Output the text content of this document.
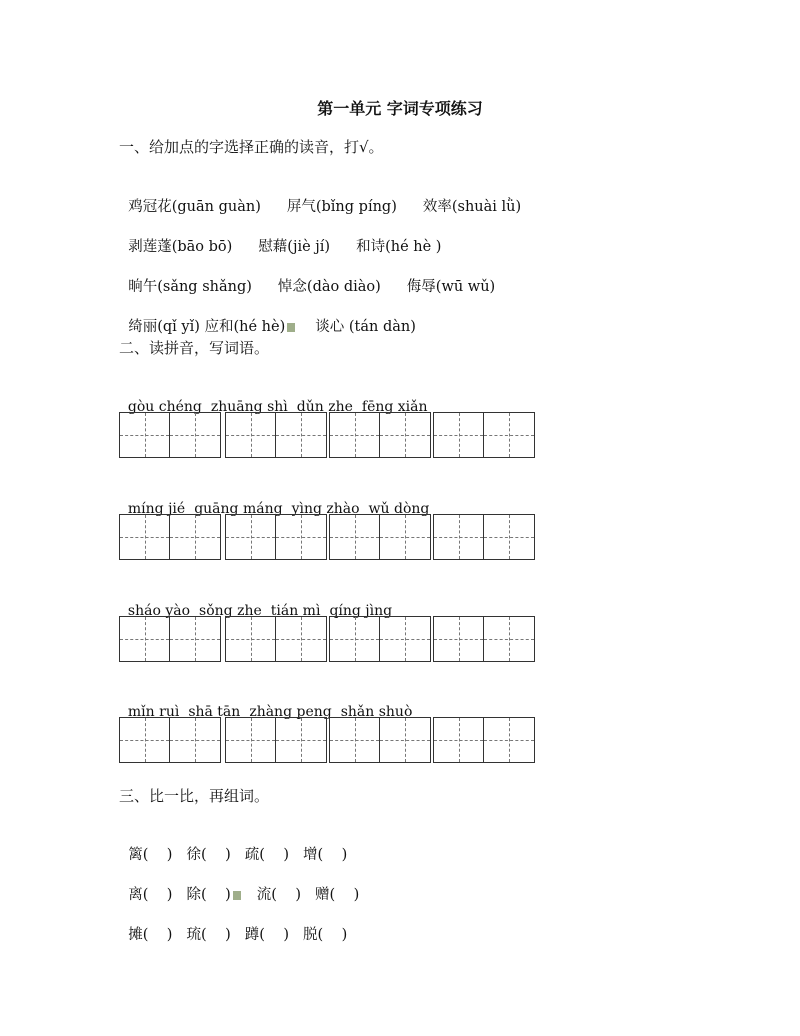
第一单元 字词专项练习
一、给加点的字选择正确的读音，打√。

鸡冠花(guān guàn) 屏气(bǐng píng) 效率(shuài lǜ)

剥莲蓬(bāo bō) 慰藉(jiè jí) 和诗(hé hè )

晌午(sǎng shǎng) 悼念(dào diào) 侮辱(wū wǔ)

绮丽(qǐ yǐ) 应和(hé hè) 谈心 (tán dàn)

二、读拼音，写词语。

gòu chéng zhuāng shì dǔn zhe fēng xiǎn

míng jié guāng máng yìng zhào wǔ dòng

sháo yào sǒng zhe tián mì qíng jìng

mǐn ruì shā tān zhàng peng shǎn shuò

三、比一比，再组词。

篱(    ) 徐(    ) 疏(    ) 增(    )

离(    ) 除(    ) 流(    ) 赠(    )

摊(    ) 琉(    ) 蹲(    ) 脱(    )
